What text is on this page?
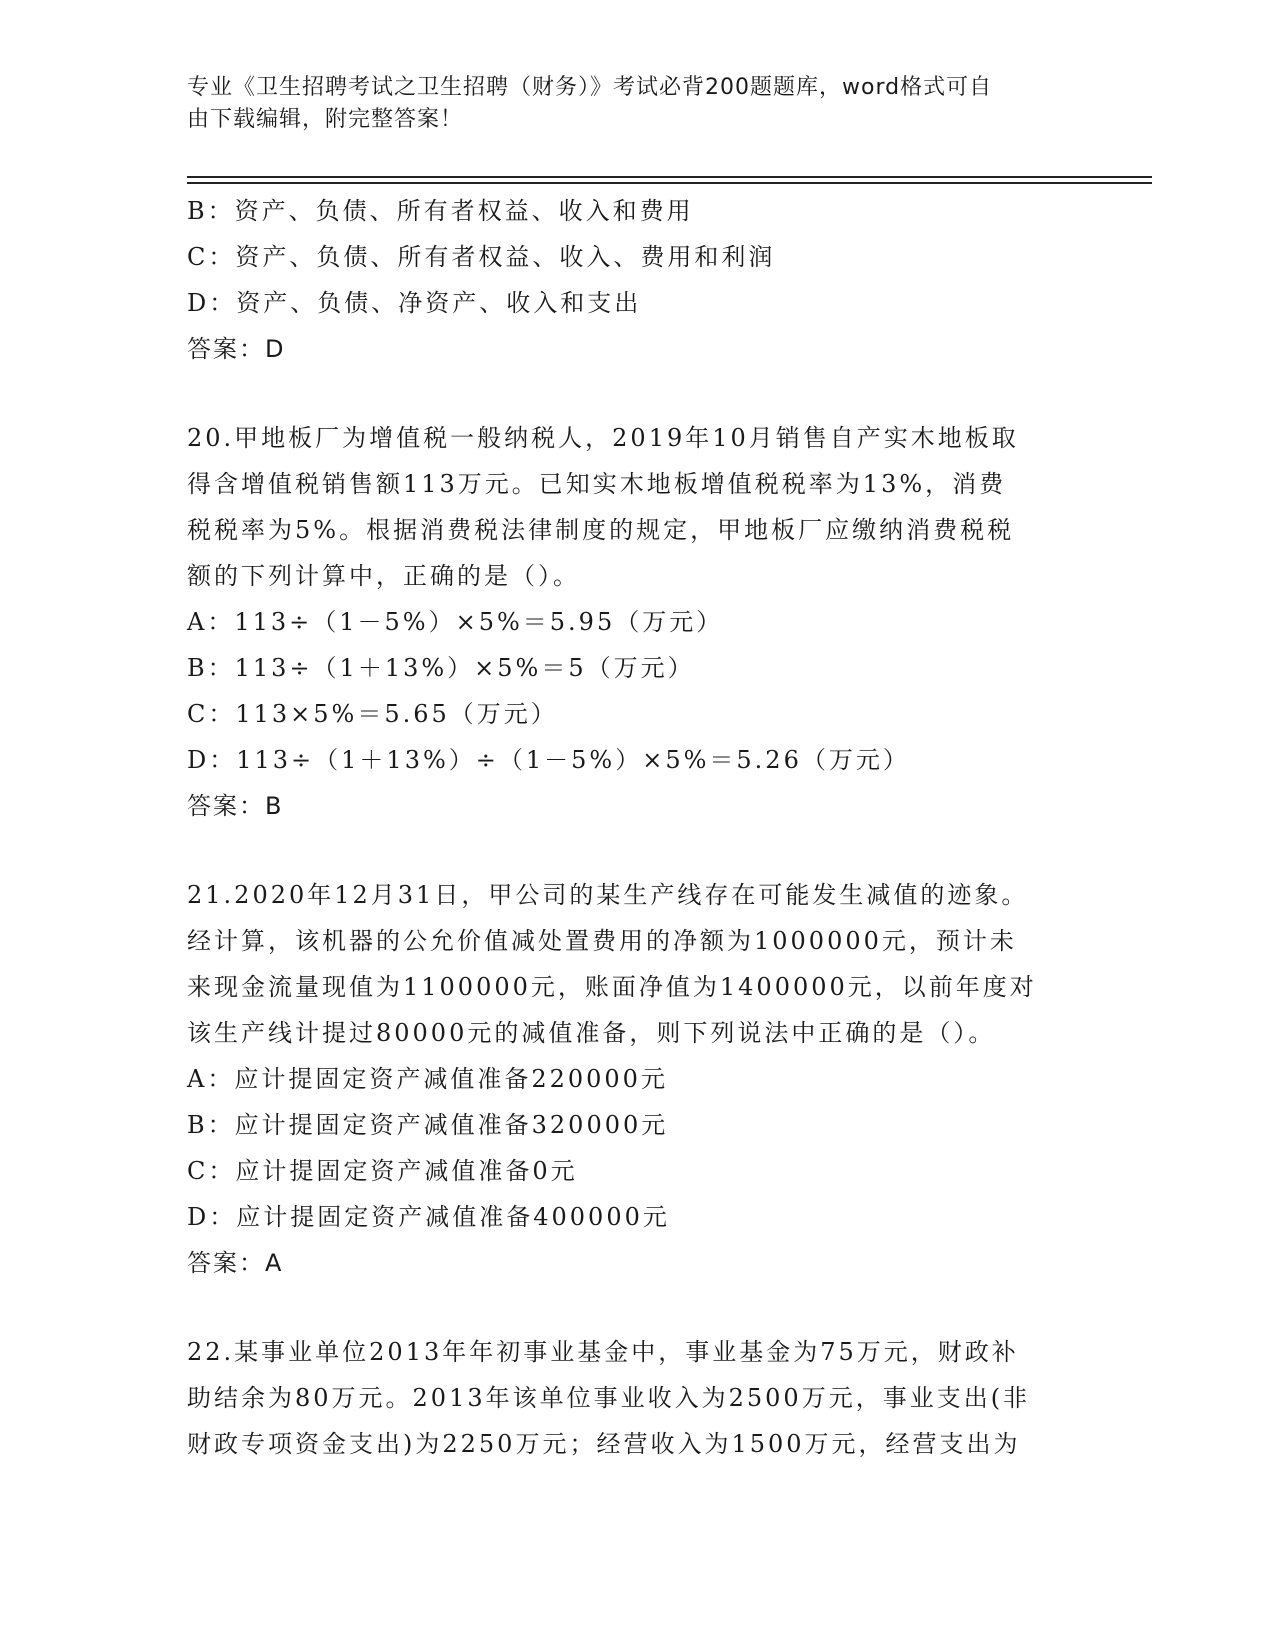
专业《卫生招聘考试之卫生招聘（财务）》考试必背200题题库，word格式可自
由下载编辑，附完整答案！
B：资产、负债、所有者权益、收入和费用
C：资产、负债、所有者权益、收入、费用和利润
D：资产、负债、净资产、收入和支出
答案：D
20.甲地板厂为增值税一般纳税人，2019年10月销售自产实木地板取
得含增值税销售额113万元。已知实木地板增值税税率为13%，消费
税税率为5%。根据消费税法律制度的规定，甲地板厂应缴纳消费税税
额的下列计算中，正确的是（）。
A：113÷（1－5%）×5%＝5.95（万元）
B：113÷（1＋13%）×5%＝5（万元）
C：113×5%＝5.65（万元）
D：113÷（1＋13%）÷（1－5%）×5%＝5.26（万元）
答案：B
21.2020年12月31日，甲公司的某生产线存在可能发生减值的迹象。
经计算，该机器的公允价值减处置费用的净额为1000000元，预计未
来现金流量现值为1100000元，账面净值为1400000元，以前年度对
该生产线计提过80000元的减值准备，则下列说法中正确的是（）。
A：应计提固定资产减值准备220000元
B：应计提固定资产减值准备320000元
C：应计提固定资产减值准备0元
D：应计提固定资产减值准备400000元
答案：A
22.某事业单位2013年年初事业基金中，事业基金为75万元，财政补
助结余为80万元。2013年该单位事业收入为2500万元，事业支出(非
财政专项资金支出)为2250万元；经营收入为1500万元，经营支出为
